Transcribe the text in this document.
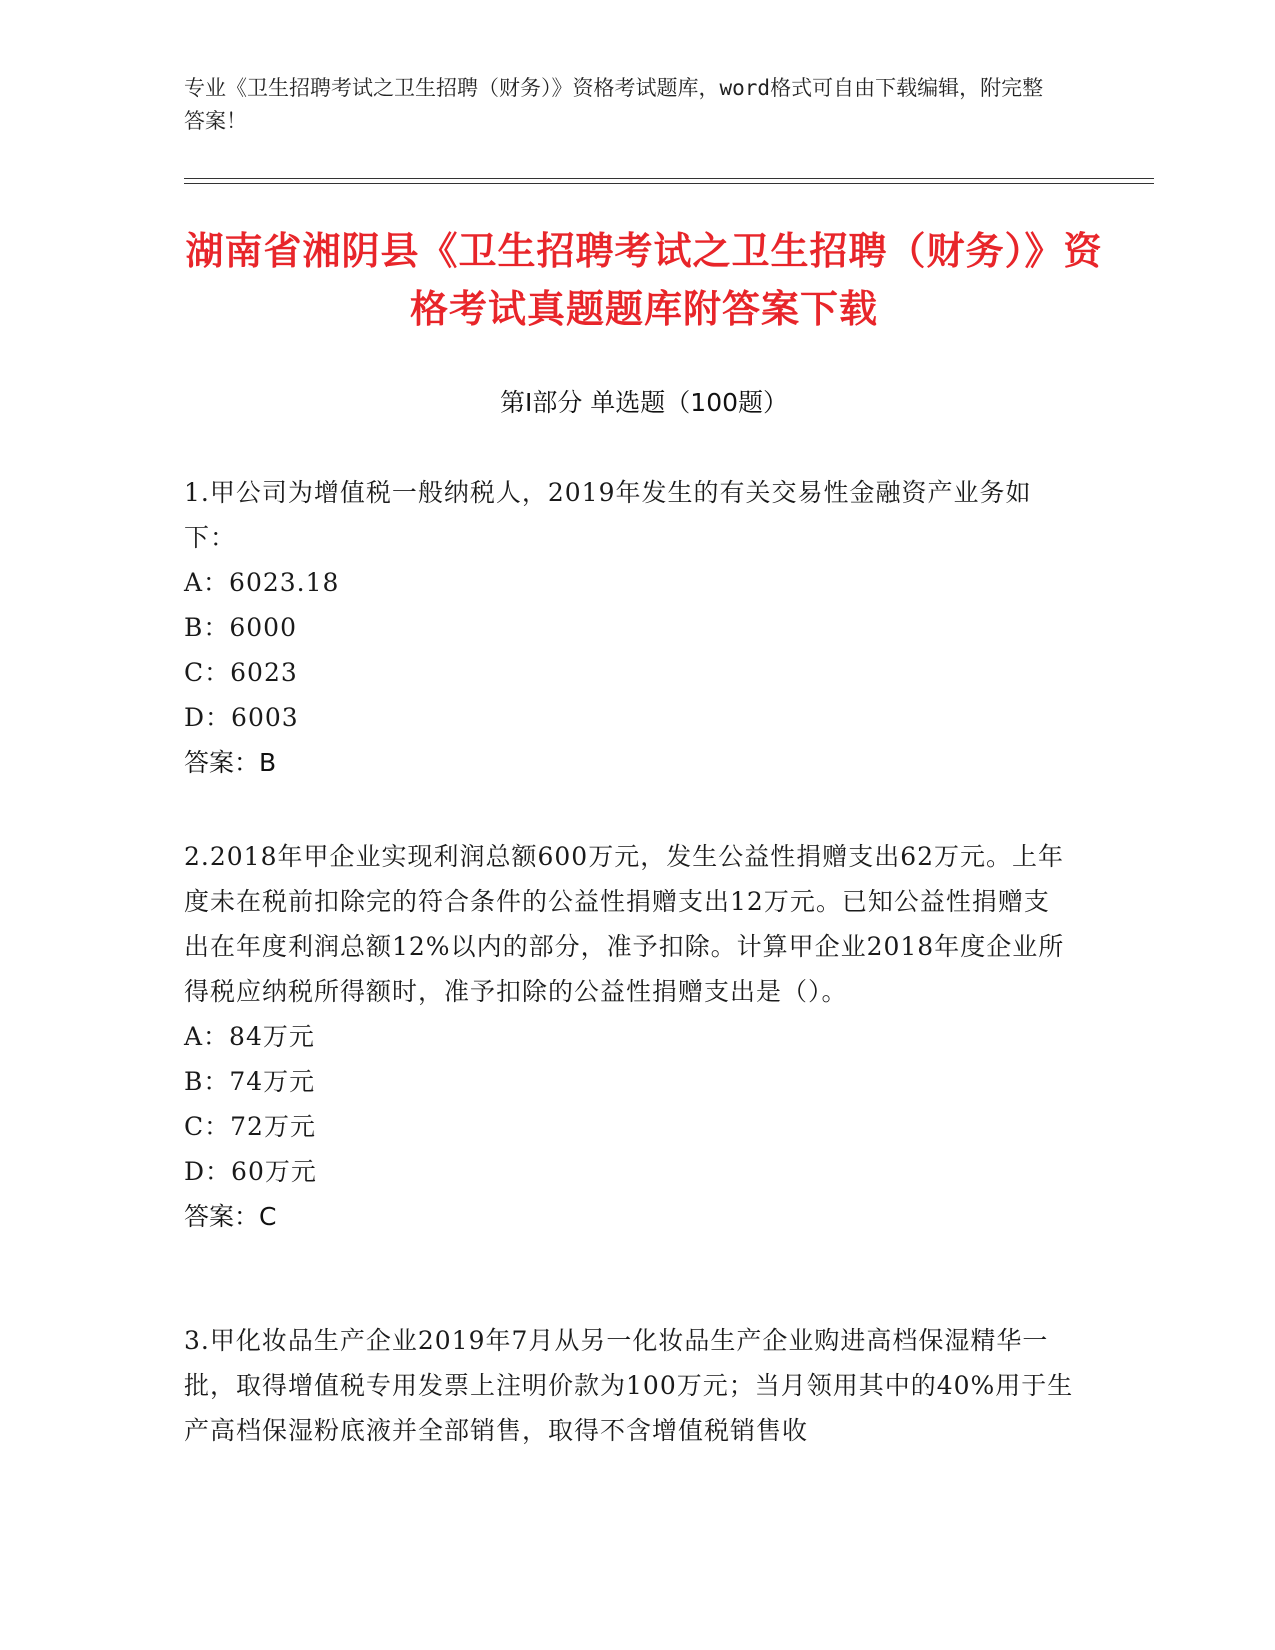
专业《卫生招聘考试之卫生招聘（财务）》资格考试题库，word格式可自由下载编辑，附完整答案！
湖南省湘阴县《卫生招聘考试之卫生招聘（财务）》资格考试真题题库附答案下载
第I部分 单选题（100题）

1.甲公司为增值税一般纳税人，2019年发生的有关交易性金融资产业务如下：

A：6023.18

B：6000

C：6023

D：6003

答案：B

2.2018年甲企业实现利润总额600万元，发生公益性捐赠支出62万元。上年度未在税前扣除完的符合条件的公益性捐赠支出12万元。已知公益性捐赠支出在年度利润总额12%以内的部分，准予扣除。计算甲企业2018年度企业所得税应纳税所得额时，准予扣除的公益性捐赠支出是（）。

A：84万元

B：74万元

C：72万元

D：60万元

答案：C

3.甲化妆品生产企业2019年7月从另一化妆品生产企业购进高档保湿精华一批，取得增值税专用发票上注明价款为100万元；当月领用其中的40%用于生产高档保湿粉底液并全部销售，取得不含增值税销售收
